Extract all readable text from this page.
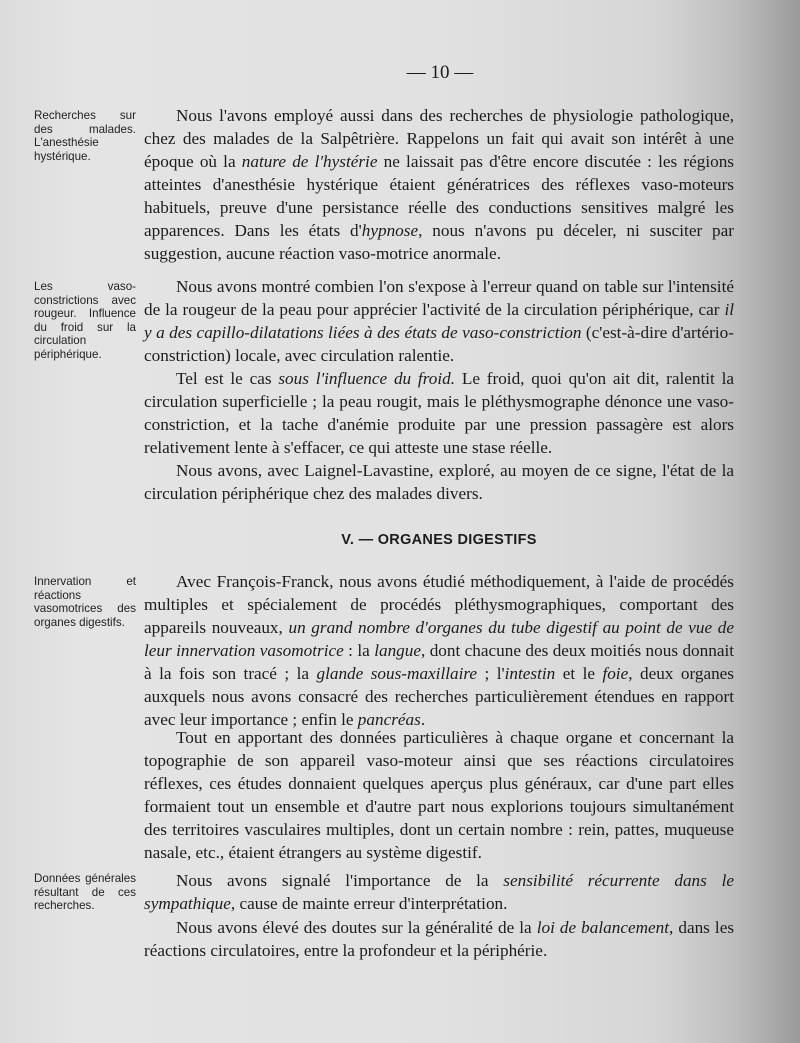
— 10 —
Recherches sur des malades. L'anesthésie hystérique.
Les vaso-constrictions avec rougeur. Influence du froid sur la circulation périphérique.
Innervation et réactions vasomotrices des organes digestifs.
Données générales résultant de ces recherches.

Nous l'avons employé aussi dans des recherches de physiologie pathologique, chez des malades de la Salpêtrière. Rappelons un fait qui avait son intérêt à une époque où la nature de l'hystérie ne laissait pas d'être encore discutée : les régions atteintes d'anesthésie hystérique étaient génératrices des réflexes vaso-moteurs habituels, preuve d'une persistance réelle des conductions sensitives malgré les apparences. Dans les états d'hypnose, nous n'avons pu déceler, ni susciter par suggestion, aucune réaction vaso-motrice anormale.

Nous avons montré combien l'on s'expose à l'erreur quand on table sur l'intensité de la rougeur de la peau pour apprécier l'activité de la circulation périphérique, car il y a des capillo-dilatations liées à des états de vaso-constriction (c'est-à-dire d'artério-constriction) locale, avec circulation ralentie.

Tel est le cas sous l'influence du froid. Le froid, quoi qu'on ait dit, ralentit la circulation superficielle ; la peau rougit, mais le pléthysmographe dénonce une vaso-constriction, et la tache d'anémie produite par une pression passagère est alors relativement lente à s'effacer, ce qui atteste une stase réelle.

Nous avons, avec Laignel-Lavastine, exploré, au moyen de ce signe, l'état de la circulation périphérique chez des malades divers.

V. — ORGANES DIGESTIFS

Avec François-Franck, nous avons étudié méthodiquement, à l'aide de procédés multiples et spécialement de procédés pléthysmographiques, comportant des appareils nouveaux, un grand nombre d'organes du tube digestif au point de vue de leur innervation vasomotrice : la langue, dont chacune des deux moitiés nous donnait à la fois son tracé ; la glande sous-maxillaire ; l'intestin et le foie, deux organes auxquels nous avons consacré des recherches particulièrement étendues en rapport avec leur importance ; enfin le pancréas.

Tout en apportant des données particulières à chaque organe et concernant la topographie de son appareil vaso-moteur ainsi que ses réactions circulatoires réflexes, ces études donnaient quelques aperçus plus généraux, car d'une part elles formaient tout un ensemble et d'autre part nous explorions toujours simultanément des territoires vasculaires multiples, dont un certain nombre : rein, pattes, muqueuse nasale, etc., étaient étrangers au système digestif.

Nous avons signalé l'importance de la sensibilité récurrente dans le sympathique, cause de mainte erreur d'interprétation.

Nous avons élevé des doutes sur la généralité de la loi de balancement, dans les réactions circulatoires, entre la profondeur et la périphérie.
